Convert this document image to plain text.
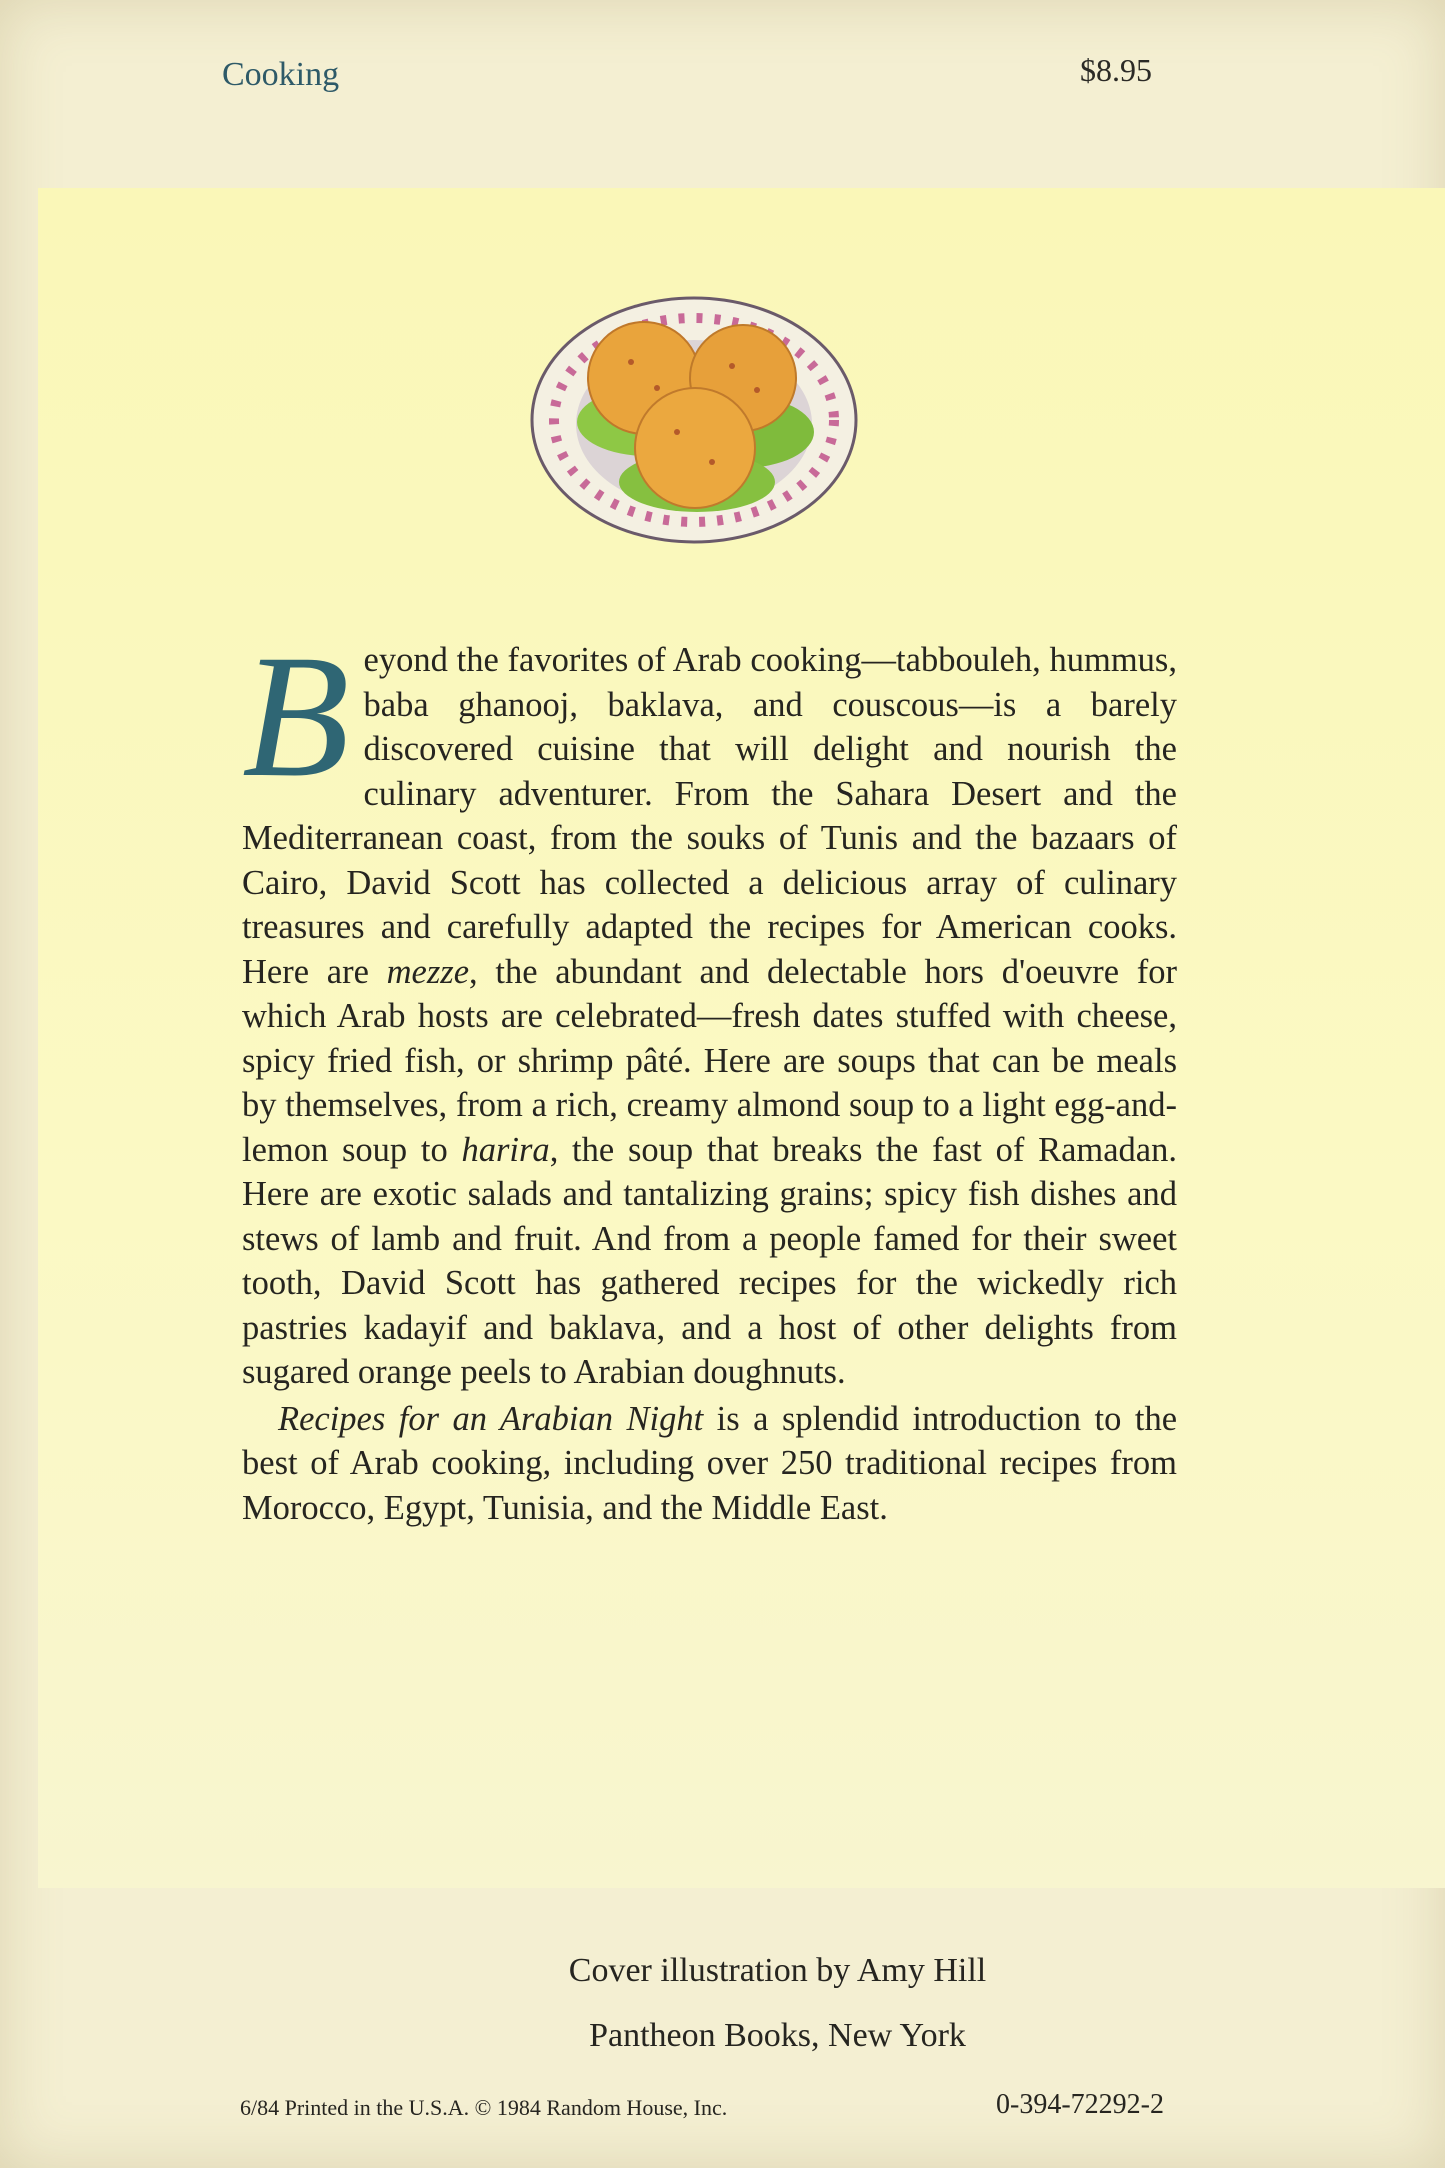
Cooking	$8.95

Beyond the favorites of Arab cooking—tabbouleh, hummus, baba ghanooj, baklava, and couscous—is a barely discovered cuisine that will delight and nourish the culinary adventurer. From the Sahara Desert and the Mediterranean coast, from the souks of Tunis and the bazaars of Cairo, David Scott has collected a delicious array of culinary treasures and carefully adapted the recipes for American cooks. Here are mezze, the abundant and delectable hors d'oeuvre for which Arab hosts are celebrated—fresh dates stuffed with cheese, spicy fried fish, or shrimp pâté. Here are soups that can be meals by themselves, from a rich, creamy almond soup to a light egg-and-lemon soup to harira, the soup that breaks the fast of Ramadan. Here are exotic salads and tantalizing grains; spicy fish dishes and stews of lamb and fruit. And from a people famed for their sweet tooth, David Scott has gathered recipes for the wickedly rich pastries kadayif and baklava, and a host of other delights from sugared orange peels to Arabian doughnuts.

Recipes for an Arabian Night is a splendid introduction to the best of Arab cooking, including over 250 traditional recipes from Morocco, Egypt, Tunisia, and the Middle East.

Cover illustration by Amy Hill
Pantheon Books, New York
6/84 Printed in the U.S.A. © 1984 Random House, Inc.	0-394-72292-2
